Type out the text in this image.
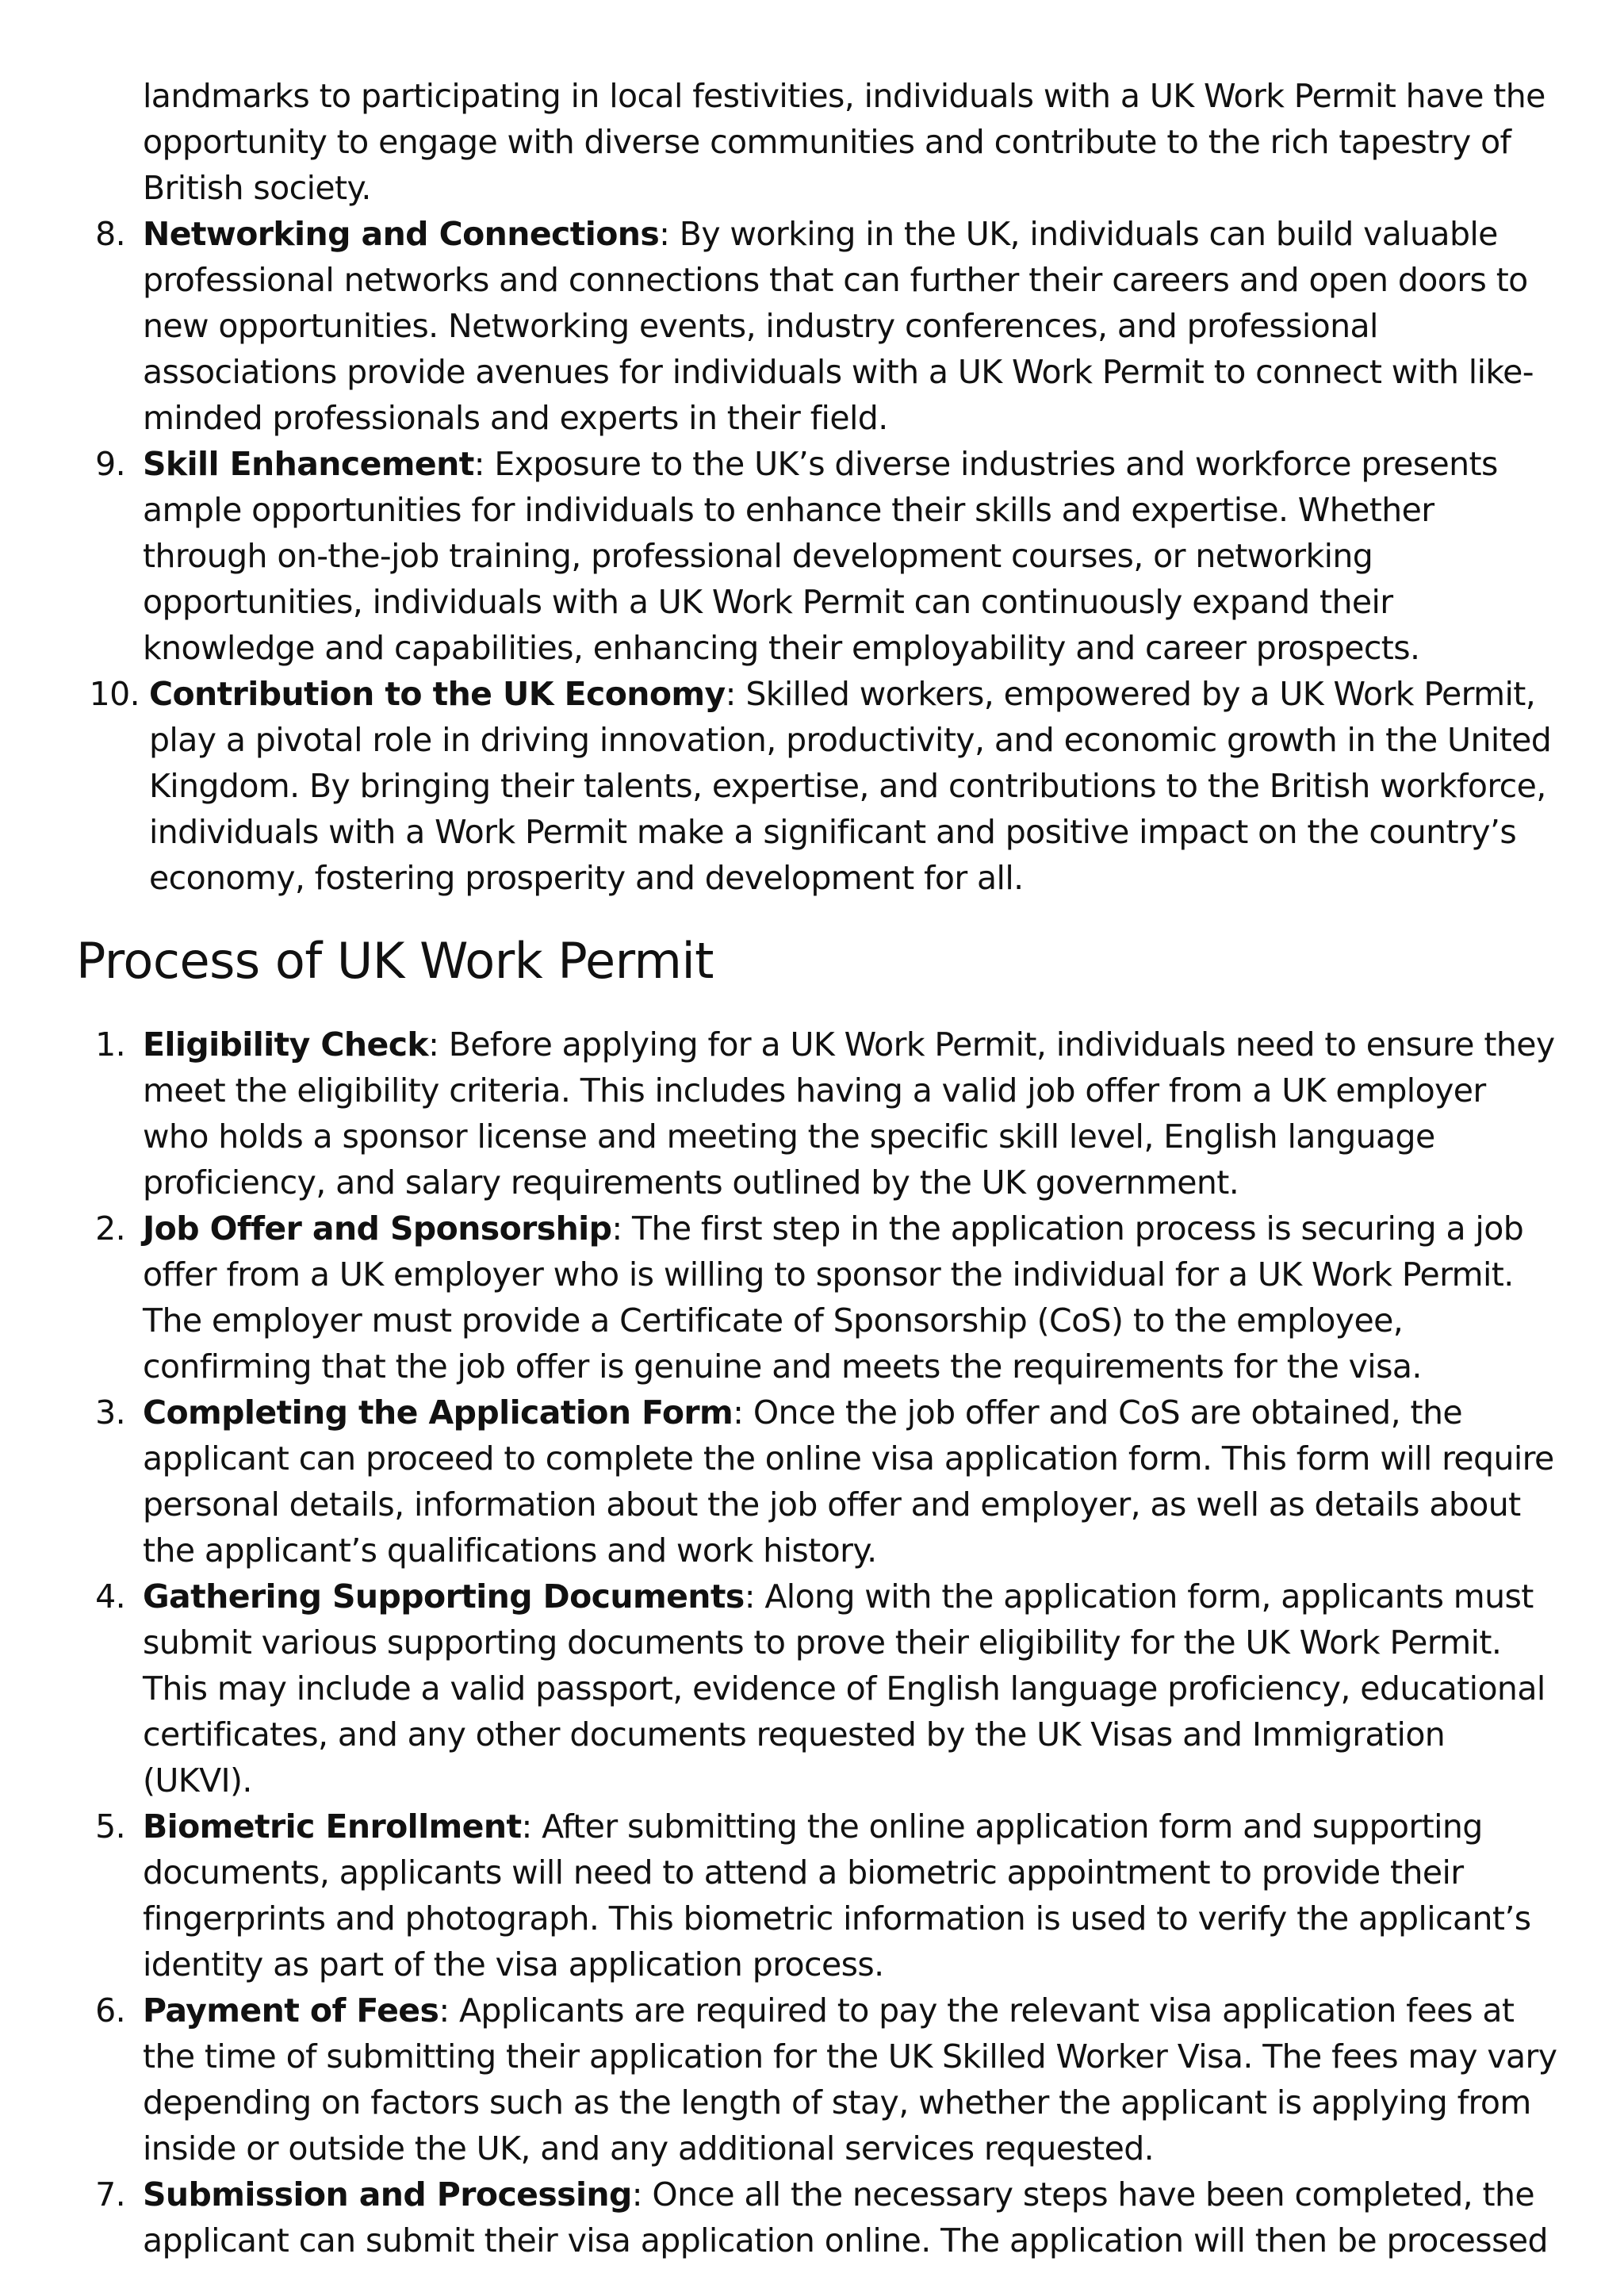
landmarks to participating in local festivities, individuals with a UK Work Permit have the opportunity to engage with diverse communities and contribute to the rich tapestry of British society.

8. Networking and Connections: By working in the UK, individuals can build valuable professional networks and connections that can further their careers and open doors to new opportunities. Networking events, industry conferences, and professional associations provide avenues for individuals with a UK Work Permit to connect with like-minded professionals and experts in their field.
9. Skill Enhancement: Exposure to the UK’s diverse industries and workforce presents ample opportunities for individuals to enhance their skills and expertise. Whether through on-the-job training, professional development courses, or networking opportunities, individuals with a UK Work Permit can continuously expand their knowledge and capabilities, enhancing their employability and career prospects.
10. Contribution to the UK Economy: Skilled workers, empowered by a UK Work Permit, play a pivotal role in driving innovation, productivity, and economic growth in the United Kingdom. By bringing their talents, expertise, and contributions to the British workforce, individuals with a Work Permit make a significant and positive impact on the country’s economy, fostering prosperity and development for all.
Process of UK Work Permit
1. Eligibility Check: Before applying for a UK Work Permit, individuals need to ensure they meet the eligibility criteria. This includes having a valid job offer from a UK employer who holds a sponsor license and meeting the specific skill level, English language proficiency, and salary requirements outlined by the UK government.
2. Job Offer and Sponsorship: The first step in the application process is securing a job offer from a UK employer who is willing to sponsor the individual for a UK Work Permit. The employer must provide a Certificate of Sponsorship (CoS) to the employee, confirming that the job offer is genuine and meets the requirements for the visa.
3. Completing the Application Form: Once the job offer and CoS are obtained, the applicant can proceed to complete the online visa application form. This form will require personal details, information about the job offer and employer, as well as details about the applicant’s qualifications and work history.
4. Gathering Supporting Documents: Along with the application form, applicants must submit various supporting documents to prove their eligibility for the UK Work Permit. This may include a valid passport, evidence of English language proficiency, educational certificates, and any other documents requested by the UK Visas and Immigration (UKVI).
5. Biometric Enrollment: After submitting the online application form and supporting documents, applicants will need to attend a biometric appointment to provide their fingerprints and photograph. This biometric information is used to verify the applicant’s identity as part of the visa application process.
6. Payment of Fees: Applicants are required to pay the relevant visa application fees at the time of submitting their application for the UK Skilled Worker Visa. The fees may vary depending on factors such as the length of stay, whether the applicant is applying from inside or outside the UK, and any additional services requested.
7. Submission and Processing: Once all the necessary steps have been completed, the applicant can submit their visa application online. The application will then be processed
